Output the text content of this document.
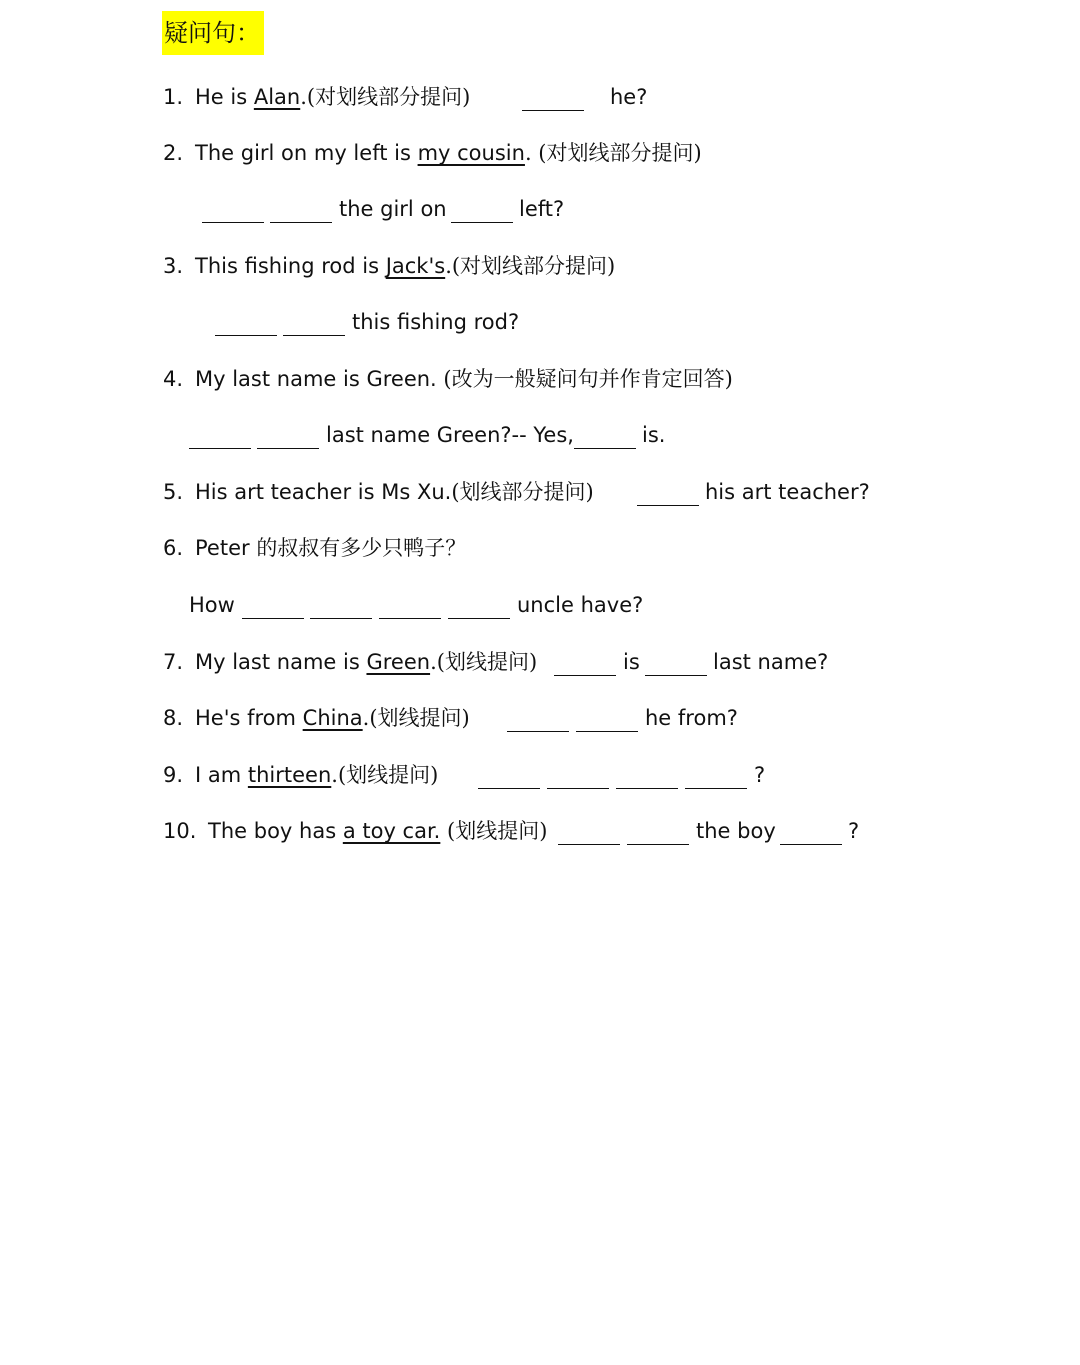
疑问句：
1. He is Alan.(对划线部分提问)	he?
2. The girl on my left is my cousin. (对划线部分提问)
the girl on	left?
3. This fishing rod is Jack's.(对划线部分提问)
this fishing rod?
4. My last name is Green. (改为一般疑问句并作肯定回答)
last name Green?-- Yes,	is.
5. His art teacher is Ms Xu.(划线部分提问)	his art teacher?
6. Peter 的叔叔有多少只鸭子？
How	uncle have?
7. My last name is Green.(划线提问)	is	last name?
8. He's from China.(划线提问)	he from?
9. I am thirteen.(划线提问)	?
10. The boy has a toy car. (划线提问)	the boy	?
